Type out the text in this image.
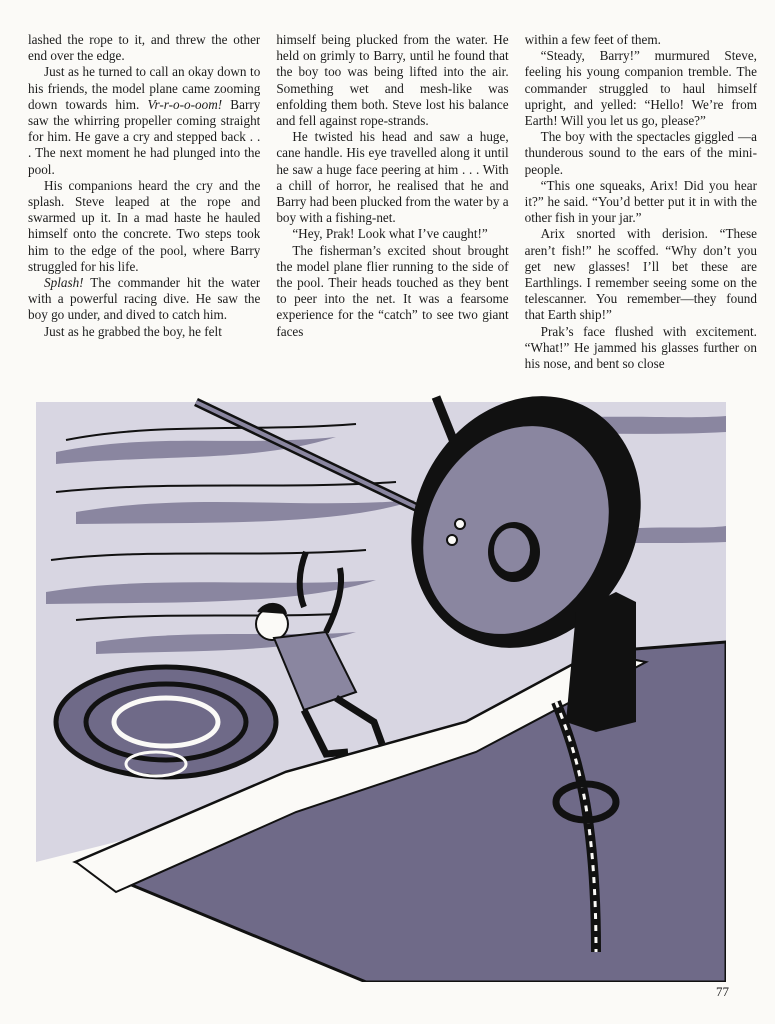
lashed the rope to it, and threw the other end over the edge.

Just as he turned to call an okay down to his friends, the model plane came zooming down towards him. Vr-r-o-o-oom! Barry saw the whirring propeller coming straight for him. He gave a cry and stepped back . . . The next moment he had plunged into the pool.

His companions heard the cry and the splash. Steve leaped at the rope and swarmed up it. In a mad haste he hauled himself onto the concrete. Two steps took him to the edge of the pool, where Barry struggled for his life.

Splash! The commander hit the water with a powerful racing dive. He saw the boy go under, and dived to catch him.

Just as he grabbed the boy, he felt

himself being plucked from the water. He held on grimly to Barry, until he found that the boy too was being lifted into the air. Something wet and mesh-like was enfolding them both. Steve lost his balance and fell against rope-strands.

He twisted his head and saw a huge, cane handle. His eye travelled along it until he saw a huge face peering at him . . . With a chill of horror, he realised that he and Barry had been plucked from the water by a boy with a fishing-net.

“Hey, Prak! Look what I’ve caught!”

The fisherman’s excited shout brought the model plane flier running to the side of the pool. Their heads touched as they bent to peer into the net. It was a fearsome experience for the “catch” to see two giant faces

within a few feet of them.

“Steady, Barry!” murmured Steve, feeling his young companion tremble. The commander struggled to haul himself upright, and yelled: “Hello! We’re from Earth! Will you let us go, please?”

The boy with the spectacles giggled —a thunderous sound to the ears of the mini-people.

“This one squeaks, Arix! Did you hear it?” he said. “You’d better put it in with the other fish in your jar.”

Arix snorted with derision. “These aren’t fish!” he scoffed. “Why don’t you get new glasses! I’ll bet these are Earthlings. I remember seeing some on the telescanner. You remember—they found that Earth ship!”

Prak’s face flushed with excitement. “What!” He jammed his glasses further on his nose, and bent so close

77
